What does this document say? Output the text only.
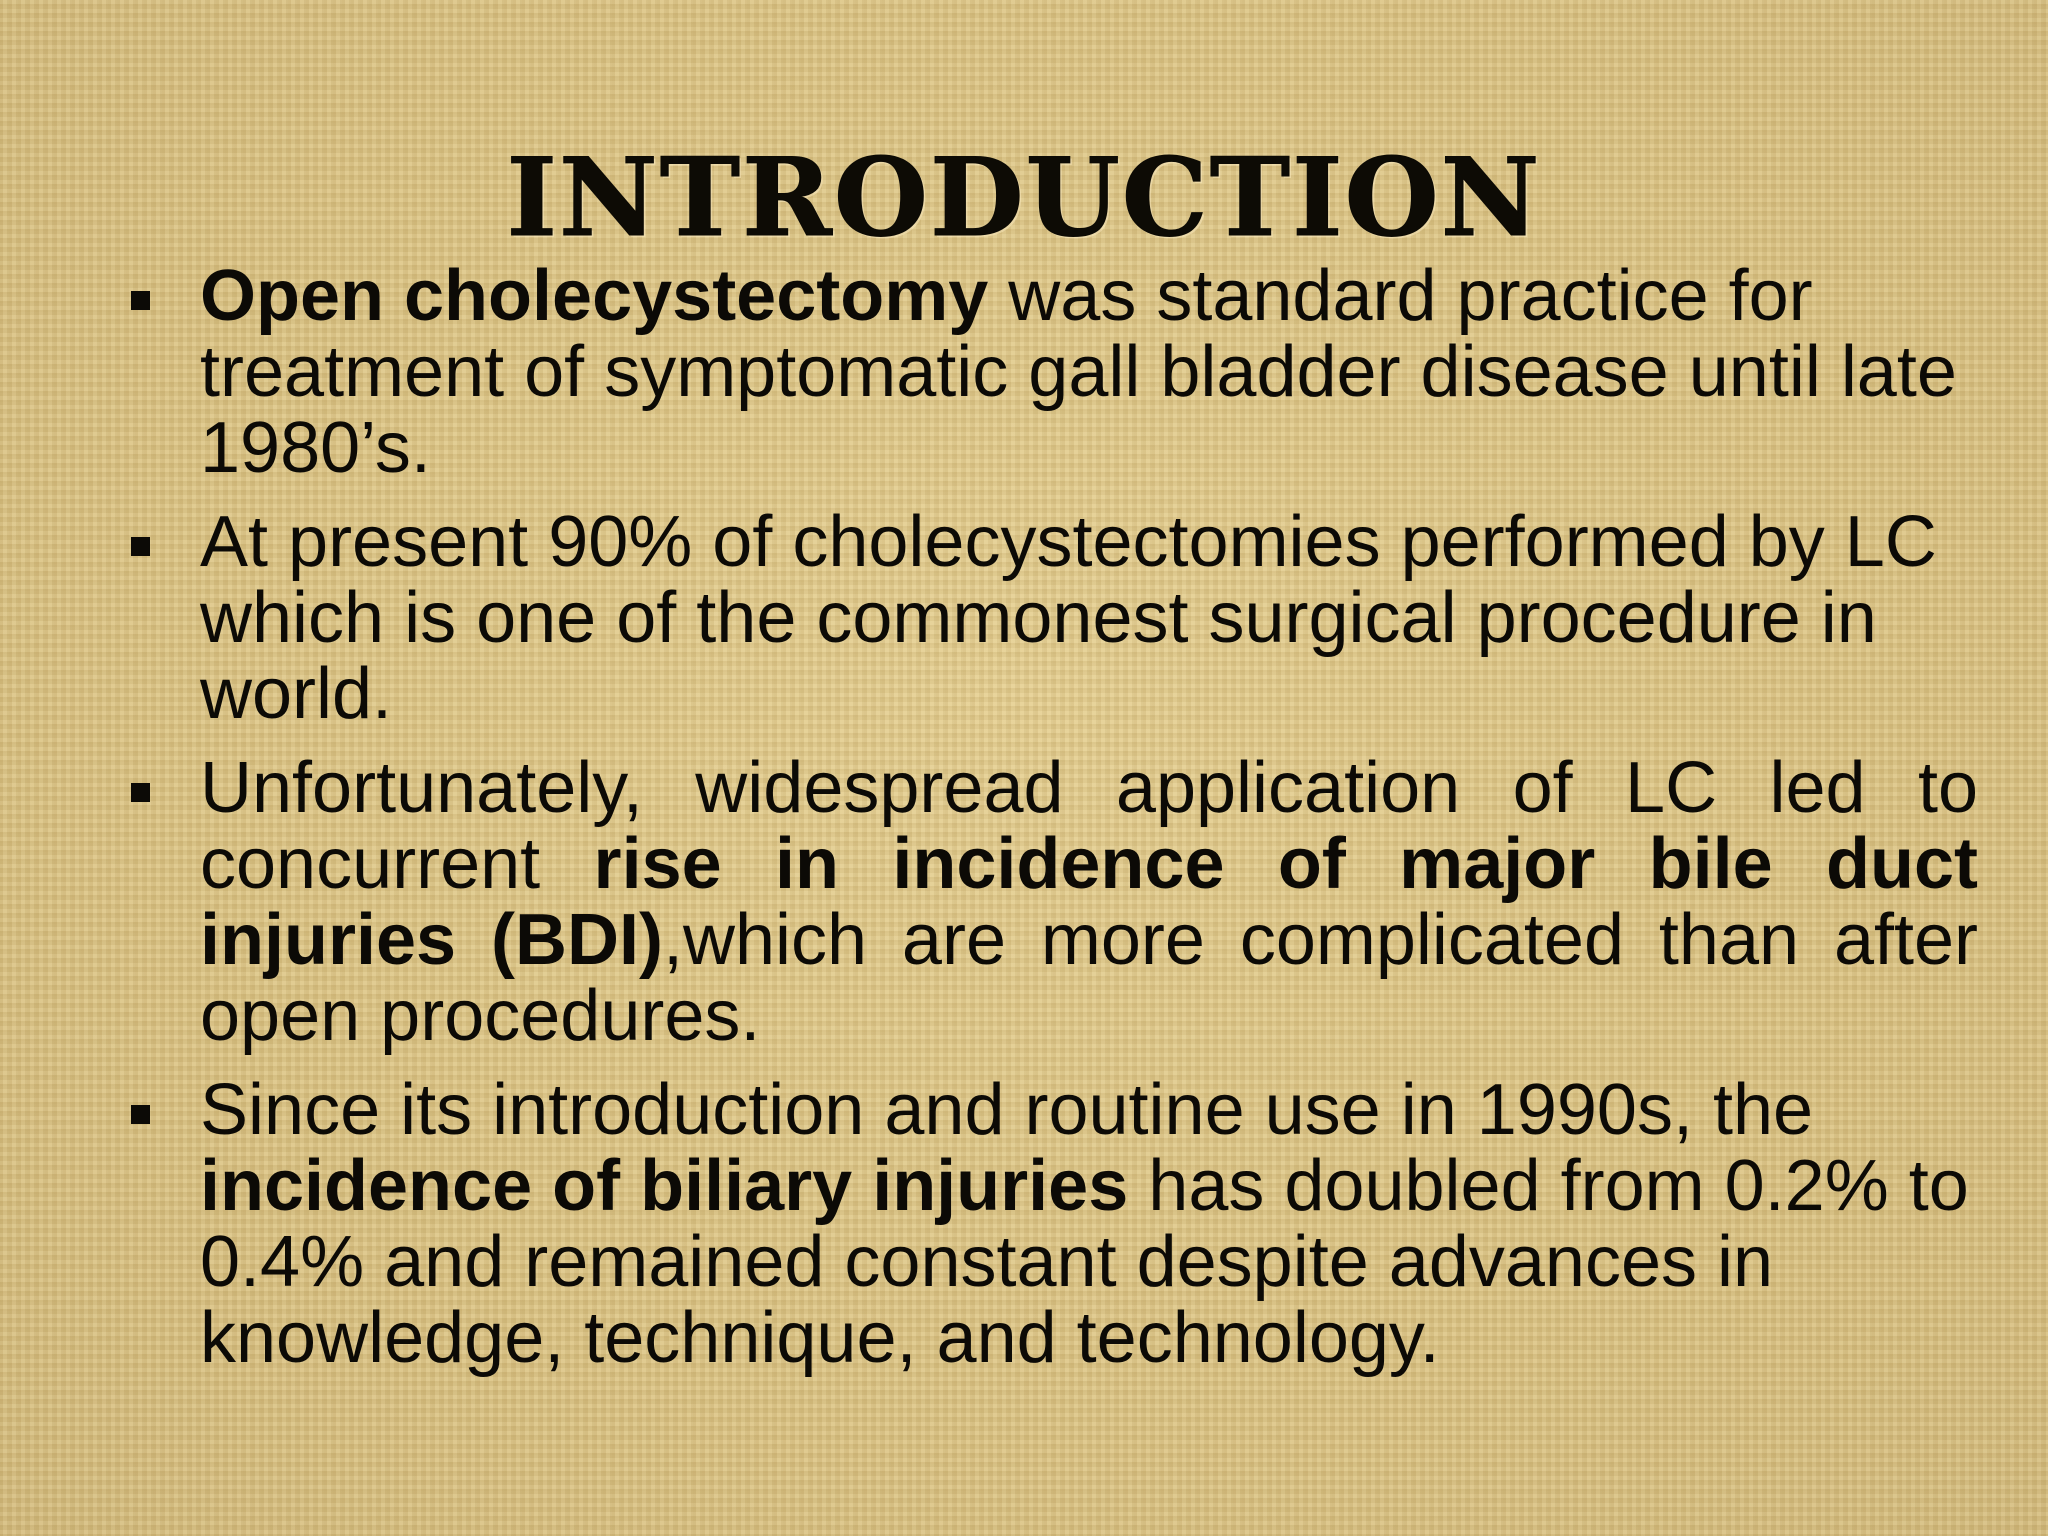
INTRODUCTION
Open cholecystectomy was standard practice for treatment of symptomatic gall bladder disease until late 1980’s.
At present 90% of cholecystectomies performed by LC which is one of the commonest surgical procedure in world.
Unfortunately, widespread application of LC led to concurrent rise in incidence of major bile duct injuries (BDI),which are more complicated than after open procedures.
Since its introduction and routine use in 1990s, the incidence of biliary injuries has doubled from 0.2% to 0.4% and remained constant despite advances in knowledge, technique, and technology.
